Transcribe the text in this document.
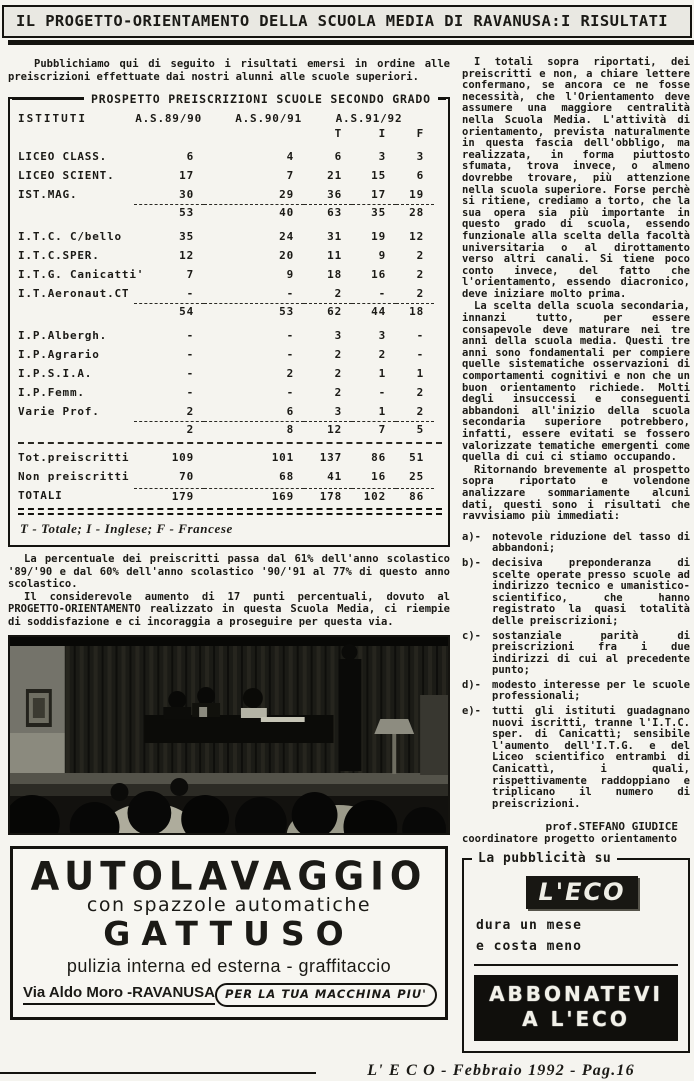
IL PROGETTO-ORIENTAMENTO DELLA SCUOLA MEDIA DI RAVANUSA:I RISULTATI

Pubblichiamo qui di seguito i risultati emersi in ordine alle preiscrizioni effettuate dai nostri alunni alle scuole superiori.

PROSPETTO PREISCRIZIONI SCUOLE SECONDO GRADO
ISTITUTI	A.S.89/90	A.S.90/91	A.S.91/92
T	I	F
LICEO CLASS.	6	4	6	3	3
LICEO SCIENT.	17	7	21	15	6
IST.MAG.	30	29	36	17	19
53	40	63	35	28
I.T.C. C/bello	35	24	31	19	12
I.T.C.SPER.	12	20	11	9	2
I.T.G. Canicatti'	7	9	18	16	2
I.T.Aeronaut.CT	-	-	2	-	2
54	53	62	44	18
I.P.Albergh.	-	-	3	3	-
I.P.Agrario	-	-	2	2	-
I.P.S.I.A.	-	2	2	1	1
I.P.Femm.	-	-	2	-	2
Varie Prof.	2	6	3	1	2
2	8	12	7	5
Tot.preiscritti	109	101	137	86	51
Non preiscritti	70	68	41	16	25
TOTALI	179	169	178	102	86
T - Totale; I - Inglese; F - Francese

La percentuale dei preiscritti passa dal 61% dell'anno scolastico '89/'90 e dal 60% dell'anno scolastico '90/'91 al 77% di questo anno scolastico.

Il considerevole aumento di 17 punti percentuali, dovuto al PROGETTO-ORIENTAMENTO realizzato in questa Scuola Media, ci riempie di soddisfazione e ci incoraggia a proseguire per questa via.

AUTOLAVAGGIO
con spazzole automatiche
GATTUSO
pulizia interna ed esterna - graffitaccio
Via Aldo Moro -RAVANUSA PER LA TUA MACCHINA PIU'

I totali sopra riportati, dei preiscritti e non, a chiare lettere confermano, se ancora ce ne fosse necessità, che l'Orientamento deve assumere una maggiore centralità nella Scuola Media. L'attività di orientamento, prevista naturalmente in questa fascia dell'obbligo, ma realizzata, in forma piuttosto sfumata, trova invece, o almeno dovrebbe trovare, più attenzione nella scuola superiore. Forse perchè si ritiene, crediamo a torto, che la sua opera sia più importante in questo grado di scuola, essendo funzionale alla scelta della facoltà universitaria o al dirottamento verso altri canali. Si tiene poco conto invece, del fatto che l'orientamento, essendo diacronico, deve iniziare molto prima.

La scelta della scuola secondaria, innanzi tutto, per essere consapevole deve maturare nei tre anni della scuola media. Questi tre anni sono fondamentali per compiere quelle sistematiche osservazioni di comportamenti cognitivi e non che un buon orientamento richiede. Molti degli insuccessi e conseguenti abbandoni all'inizio della scuola secondaria superiore potrebbero, infatti, essere evitati se fossero valorizzate tematiche emergenti come quella di cui ci stiamo occupando.

Ritornando brevemente al prospetto sopra riportato e volendone analizzare sommariamente alcuni dati, questi sono i risultati che ravvisiamo più immediati:

a)-	notevole riduzione del tasso di abbandoni;
b)-	decisiva preponderanza di scelte operate presso scuole ad indirizzo tecnico e umanistico- scientifico, che hanno registrato la quasi totalità delle preiscrizioni;
c)-	sostanziale parità di preiscrizioni fra i due indirizzi di cui al precedente punto;
d)-	modesto interesse per le scuole professionali;
e)-	tutti gli istituti guadagnano nuovi iscritti, tranne l'I.T.C. sper. di Canicattì; sensibile l'aumento dell'I.T.G. e del Liceo scientifico entrambi di Canicattì, i quali, rispettivamente raddoppiano e triplicano il numero di preiscrizioni.
prof.STEFANO GIUDICE
coordinatore progetto orientamento
La pubblicità su
L'ECO
dura un mese
e costa meno
ABBONATEVI
A L'ECO
L' E C O - Febbraio 1992 - Pag.16
